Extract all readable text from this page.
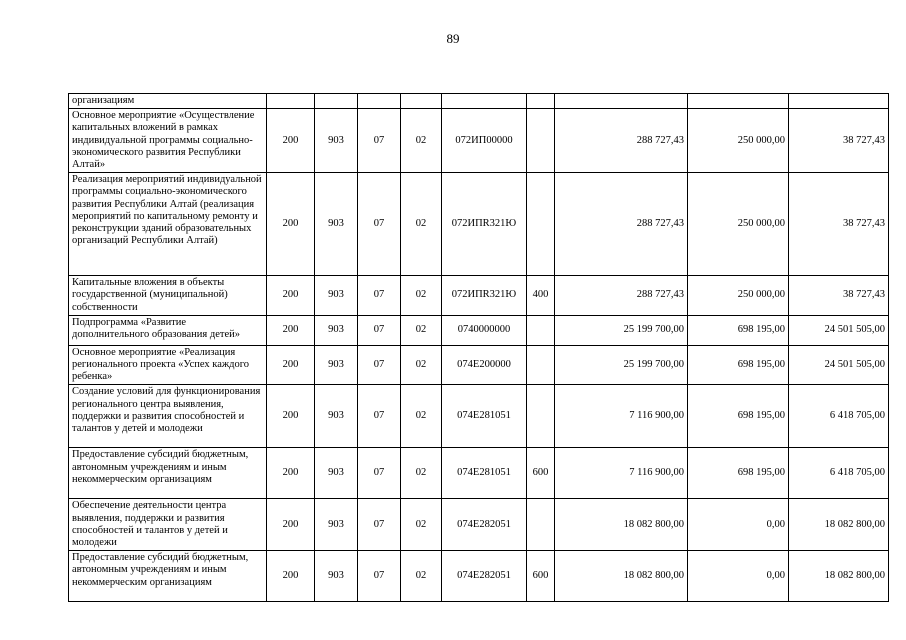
89
организациям									
Основное мероприятие «Осуществление капитальных вложений в рамках индивидуальной программы социально-экономического развития Республики Алтай»	200	903	07	02	072ИП00000		288 727,43	250 000,00	38 727,43
Реализация мероприятий индивидуальной программы социально-экономического развития Республики Алтай (реализация мероприятий по капитальному ремонту и реконструкции зданий образовательных организаций Республики Алтай)	200	903	07	02	072ИПR321Ю		288 727,43	250 000,00	38 727,43
Капитальные вложения в объекты государственной (муниципальной) собственности	200	903	07	02	072ИПR321Ю	400	288 727,43	250 000,00	38 727,43
Подпрограмма «Развитие дополнительного образования детей»	200	903	07	02	0740000000		25 199 700,00	698 195,00	24 501 505,00
Основное мероприятие «Реализация регионального проекта «Успех каждого ребенка»	200	903	07	02	074E200000		25 199 700,00	698 195,00	24 501 505,00
Создание условий для функционирования регионального центра выявления, поддержки и развития способностей и талантов у детей и молодежи	200	903	07	02	074E281051		7 116 900,00	698 195,00	6 418 705,00
Предоставление субсидий бюджетным, автономным учреждениям и иным некоммерческим организациям	200	903	07	02	074E281051	600	7 116 900,00	698 195,00	6 418 705,00
Обеспечение деятельности центра выявления, поддержки и развития способностей и талантов у детей и молодежи	200	903	07	02	074E282051		18 082 800,00	0,00	18 082 800,00
Предоставление субсидий бюджетным, автономным учреждениям и иным некоммерческим организациям	200	903	07	02	074E282051	600	18 082 800,00	0,00	18 082 800,00
